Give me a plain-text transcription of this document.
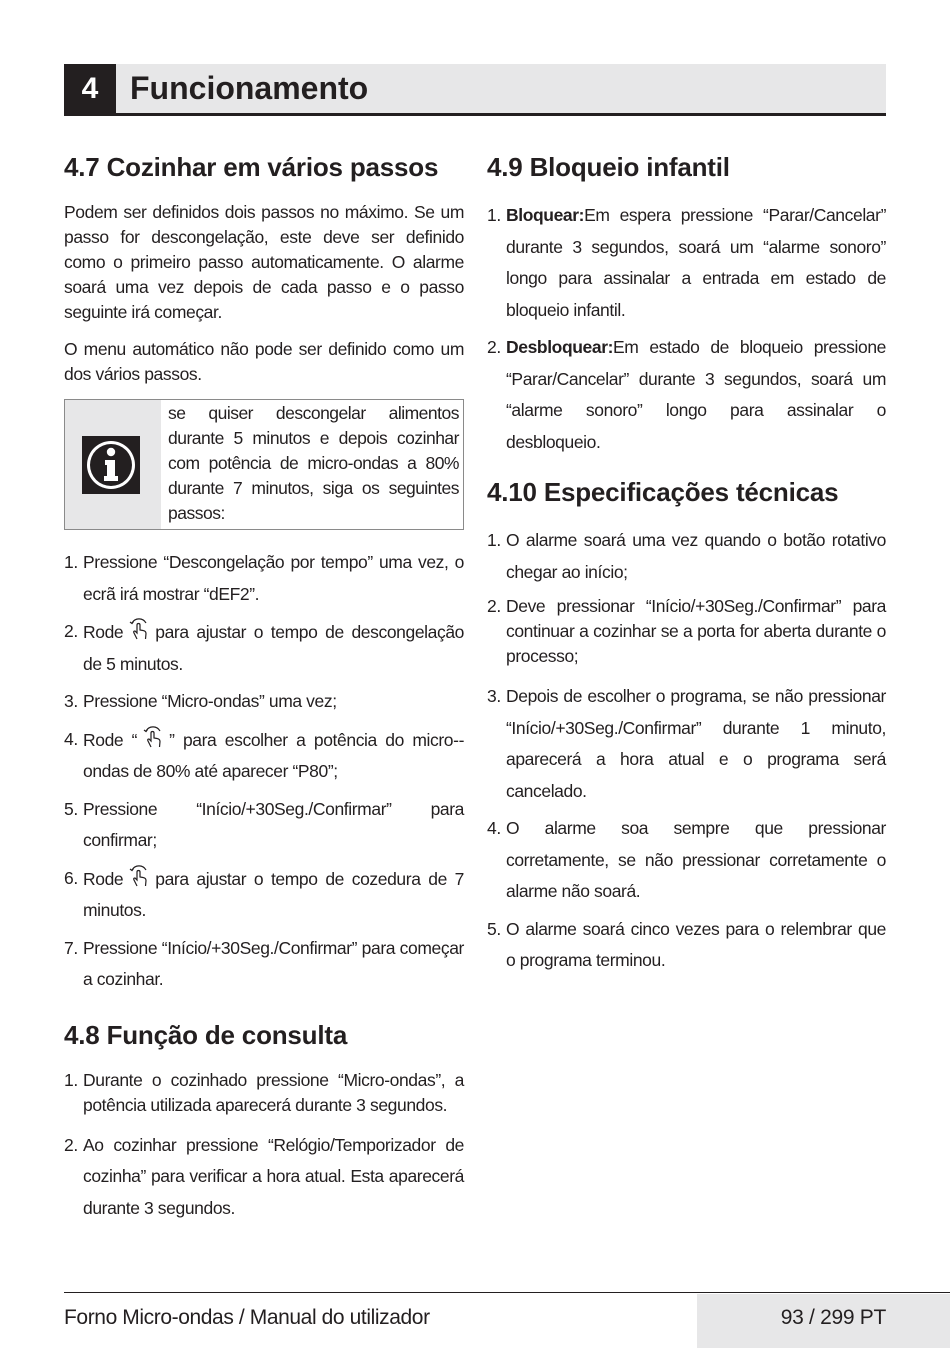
4 Funcionamento
4.7 Cozinhar em vários passos

Podem ser definidos dois passos no máximo. Se um passo for descongelação, este deve ser definido como o primeiro passo automaticamente. O alarme soará uma vez depois de cada passo e o passo seguinte irá começar.

O menu automático não pode ser definido como um dos vários passos.

se quiser descongelar alimentos durante 5 minutos e depois cozinhar com potência de micro-ondas a 80% durante 7 minutos, siga os seguintes passos:
1. Pressione “Descongelação por tempo” uma vez, o ecrã irá mostrar “dEF2”.
2. Rode para ajustar o tempo de descongelação de 5 minutos.
3. Pressione “Micro-ondas” uma vez;
4. Rode “ ” para escolher a potência do micro--ondas de 80% até aparecer “P80”;
5. Pressione “Início/+30Seg./Confirmar” para confirmar;
6. Rode para ajustar o tempo de cozedura de 7 minutos.
7. Pressione “Início/+30Seg./Confirmar” para começar a cozinhar.
4.8 Função de consulta
1. Durante o cozinhado pressione “Micro-ondas”, a potência utilizada aparecerá durante 3 segundos.
2. Ao cozinhar pressione “Relógio/Temporizador de cozinha” para verificar a hora atual. Esta aparecerá durante 3 segundos.
4.9 Bloqueio infantil
1. Bloquear:Em espera pressione “Parar/Cancelar” durante 3 segundos, soará um “alarme sonoro” longo para assinalar a entrada em estado de bloqueio infantil.
2. Desbloquear:Em estado de bloqueio pressione “Parar/Cancelar” durante 3 segundos, soará um “alarme sonoro” longo para assinalar o desbloqueio.
4.10 Especificações técnicas
1. O alarme soará uma vez quando o botão rotativo chegar ao início;
2. Deve pressionar “Início/+30Seg./Confirmar” para continuar a cozinhar se a porta for aberta durante o processo;
3. Depois de escolher o programa, se não pressionar “Início/+30Seg./Confirmar” durante 1 minuto, aparecerá a hora atual e o programa será cancelado.
4. O alarme soa sempre que pressionar corretamente, se não pressionar corretamente o alarme não soará.
5. O alarme soará cinco vezes para o relembrar que o programa terminou.
Forno Micro-ondas / Manual do utilizador	93 / 299 PT
